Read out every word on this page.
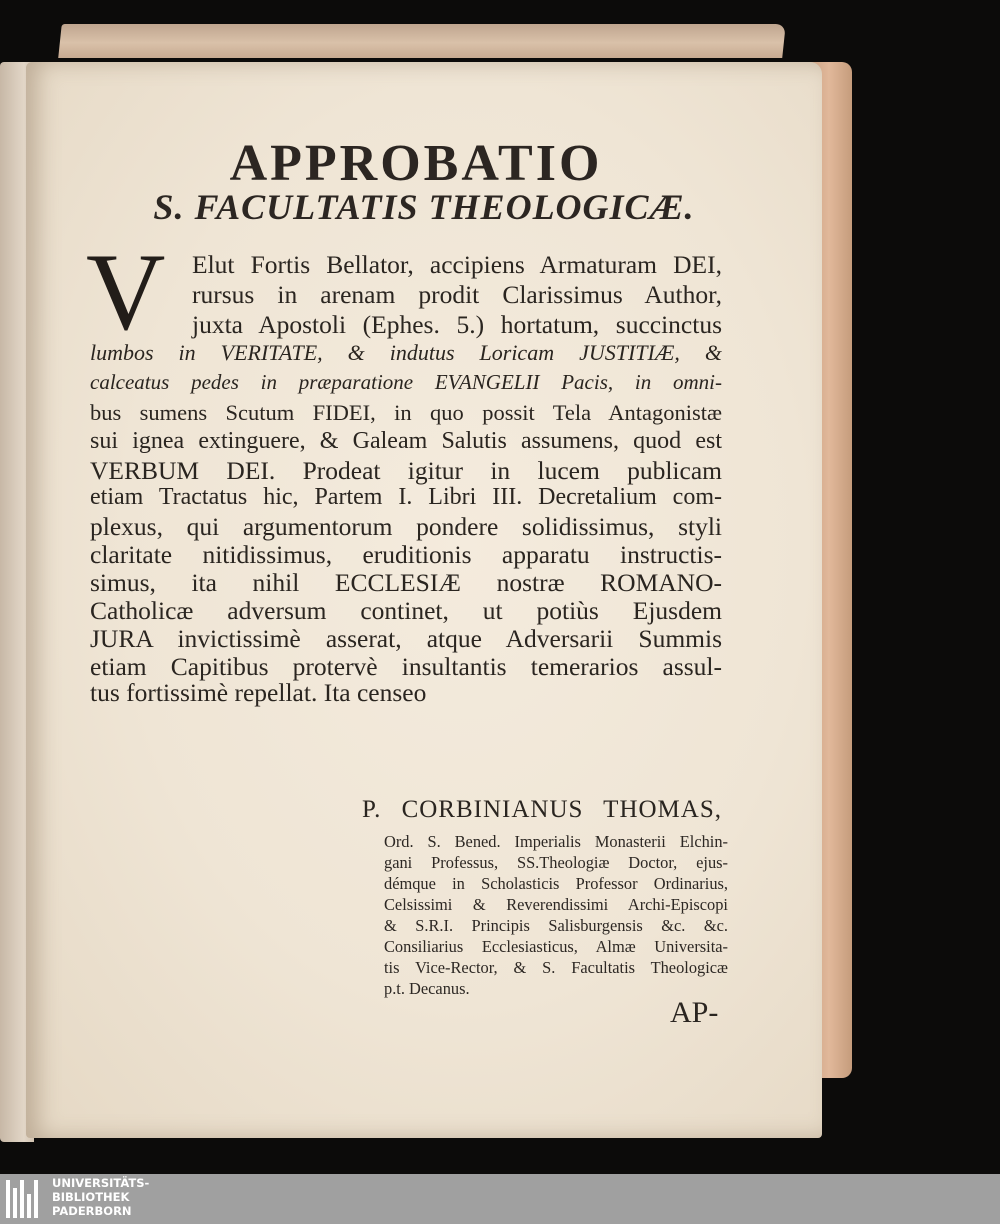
APPROBATIO
S. FACULTATIS THEOLOGICÆ.
V Elut Fortis Bellator, accipiens Armaturam DEI,
rursus in arenam prodit Clarissimus Author,
juxta Apostoli (Ephes. 5.) hortatum, succinctus
lumbos in VERITATE, & indutus Loricam JUSTITIÆ, &
calceatus pedes in præparatione EVANGELII Pacis, in omni-
bus sumens Scutum FIDEI, in quo possit Tela Antagonistæ
sui ignea extinguere, & Galeam Salutis assumens, quod est
VERBUM DEI. Prodeat igitur in lucem publicam
etiam Tractatus hic, Partem I. Libri III. Decretalium com-
plexus, qui argumentorum pondere solidissimus, styli
claritate nitidissimus, eruditionis apparatu instructis-
simus, ita nihil ECCLESIÆ nostræ ROMANO-
Catholicæ adversum continet, ut potiùs Ejusdem
JURA invictissimè asserat, atque Adversarii Summis
etiam Capitibus protervè insultantis temerarios assul-
tus fortissimè repellat. Ita censeo
P. CORBINIANUS THOMAS,
Ord. S. Bened. Imperialis Monasterii Elchin-
gani Professus, SS.Theologiæ Doctor, ejus-
démque in Scholasticis Professor Ordinarius,
Celsissimi & Reverendissimi Archi-Episcopi
& S.R.I. Principis Salisburgensis &c. &c.
Consiliarius Ecclesiasticus, Almæ Universita-
tis Vice-Rector, & S. Facultatis Theologicæ
p.t. Decanus.
AP-
UNIVERSITÄTS-
BIBLIOTHEK
PADERBORN
